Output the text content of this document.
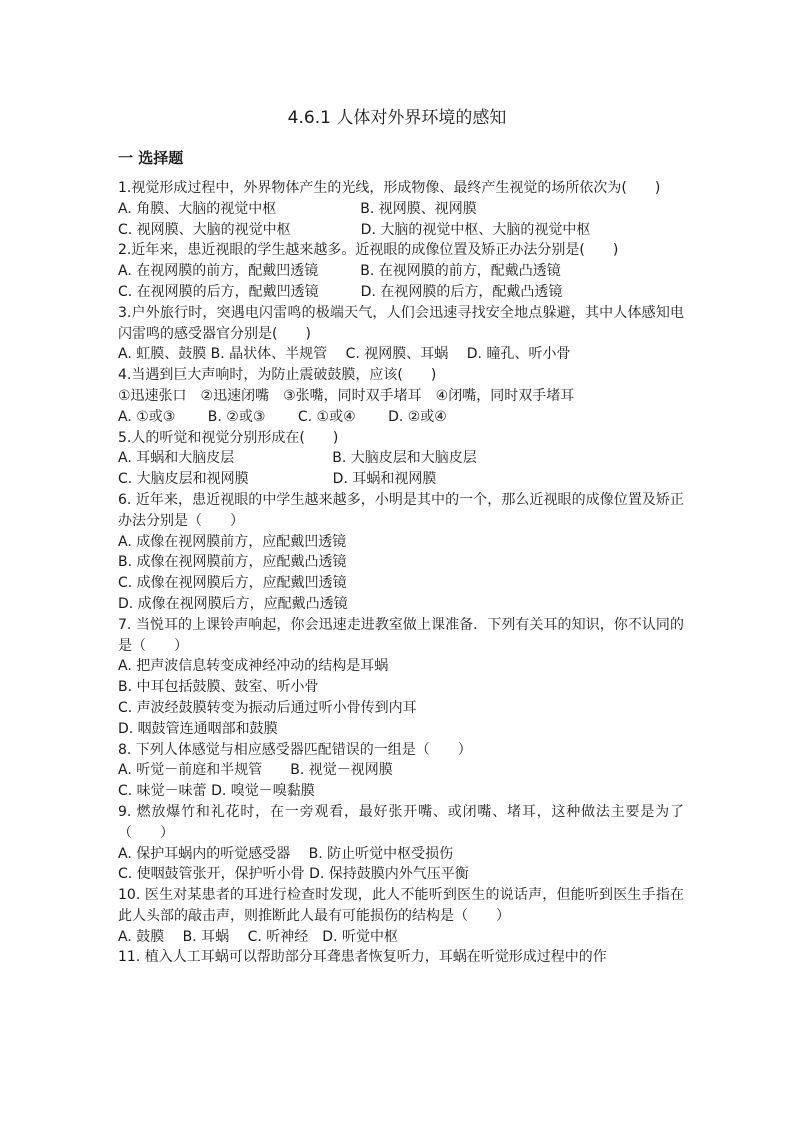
4.6.1 人体对外界环境的感知
一 选择题
1.视觉形成过程中，外界物体产生的光线，形成物像、最终产生视觉的场所依次为(　　)
A. 角膜、大脑的视觉中枢　　　　　　B. 视网膜、视网膜
C. 视网膜、大脑的视觉中枢　　　　　D. 大脑的视觉中枢、大脑的视觉中枢
2.近年来，患近视眼的学生越来越多。近视眼的成像位置及矫正办法分别是(　　)
A. 在视网膜的前方，配戴凹透镜　　　B. 在视网膜的前方，配戴凸透镜
C. 在视网膜的后方，配戴凹透镜　　　D. 在视网膜的后方，配戴凸透镜
3.户外旅行时，突遇电闪雷鸣的极端天气，人们会迅速寻找安全地点躲避，其中人体感知电闪雷鸣的感受器官分别是(　　)
A. 虹膜、鼓膜 B. 晶状体、半规管　 C. 视网膜、耳蜗　 D. 瞳孔、听小骨
4.当遇到巨大声响时，为防止震破鼓膜，应该(　　)
①迅速张口　②迅速闭嘴　③张嘴，同时双手堵耳　④闭嘴，同时双手堵耳
A. ①或③　　 B. ②或③　　 C. ①或④　　 D. ②或④
5.人的听觉和视觉分别形成在(　　)
A. 耳蜗和大脑皮层　　　　　　　B. 大脑皮层和大脑皮层
C. 大脑皮层和视网膜　　　　　　D. 耳蜗和视网膜
6. 近年来，患近视眼的中学生越来越多，小明是其中的一个，那么近视眼的成像位置及矫正办法分别是（　　）
A. 成像在视网膜前方，应配戴凹透镜
B. 成像在视网膜前方，应配戴凸透镜
C. 成像在视网膜后方，应配戴凹透镜
D. 成像在视网膜后方，应配戴凸透镜
7. 当悦耳的上课铃声响起，你会迅速走进教室做上课准备．下列有关耳的知识，你不认同的是（　　）
A. 把声波信息转变成神经冲动的结构是耳蜗
B. 中耳包括鼓膜、鼓室、听小骨
C. 声波经鼓膜转变为振动后通过听小骨传到内耳
D. 咽鼓管连通咽部和鼓膜
8. 下列人体感觉与相应感受器匹配错误的一组是（　　）
A. 听觉－前庭和半规管　　B. 视觉－视网膜
C. 味觉－味蕾 D. 嗅觉－嗅黏膜
9. 燃放爆竹和礼花时，在一旁观看，最好张开嘴、或闭嘴、堵耳，这种做法主要是为了（　　）
A. 保护耳蜗内的听觉感受器　 B. 防止听觉中枢受损伤
C. 使咽鼓管张开，保护听小骨 D. 保持鼓膜内外气压平衡
10. 医生对某患者的耳进行检查时发现，此人不能听到医生的说话声，但能听到医生手指在此人头部的敲击声，则推断此人最有可能损伤的结构是（　　）
A. 鼓膜　 B. 耳蜗　 C. 听神经　D. 听觉中枢
11. 植入人工耳蜗可以帮助部分耳聋患者恢复听力，耳蜗在听觉形成过程中的作
